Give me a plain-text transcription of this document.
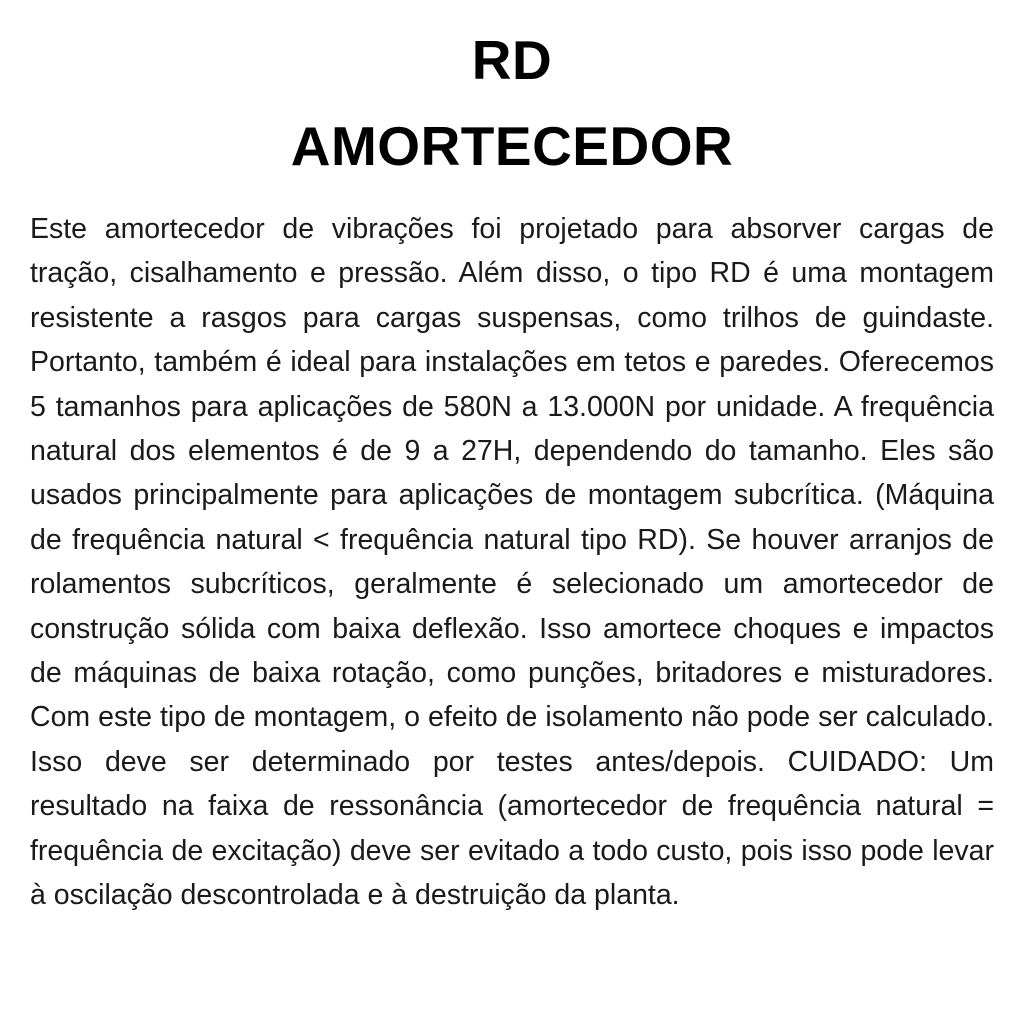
RD
AMORTECEDOR

Este amortecedor de vibrações foi projetado para absorver cargas de tração, cisalhamento e pressão. Além disso, o tipo RD é uma montagem resistente a rasgos para cargas suspensas, como trilhos de guindaste. Portanto, também é ideal para instalações em tetos e paredes. Oferecemos 5 tamanhos para aplicações de 580N a 13.000N por unidade. A frequência natural dos elementos é de 9 a 27H, dependendo do tamanho. Eles são usados principalmente para aplicações de montagem subcrítica. (Máquina de frequência natural < frequência natural tipo RD). Se houver arranjos de rolamentos subcríticos, geralmente é selecionado um amortecedor de construção sólida com baixa deflexão. Isso amortece choques e impactos de máquinas de baixa rotação, como punções, britadores e misturadores. Com este tipo de montagem, o efeito de isolamento não pode ser calculado. Isso deve ser determinado por testes antes/depois. CUIDADO: Um resultado na faixa de ressonância (amortecedor de frequência natural = frequência de excitação) deve ser evitado a todo custo, pois isso pode levar à oscilação descontrolada e à destruição da planta.
